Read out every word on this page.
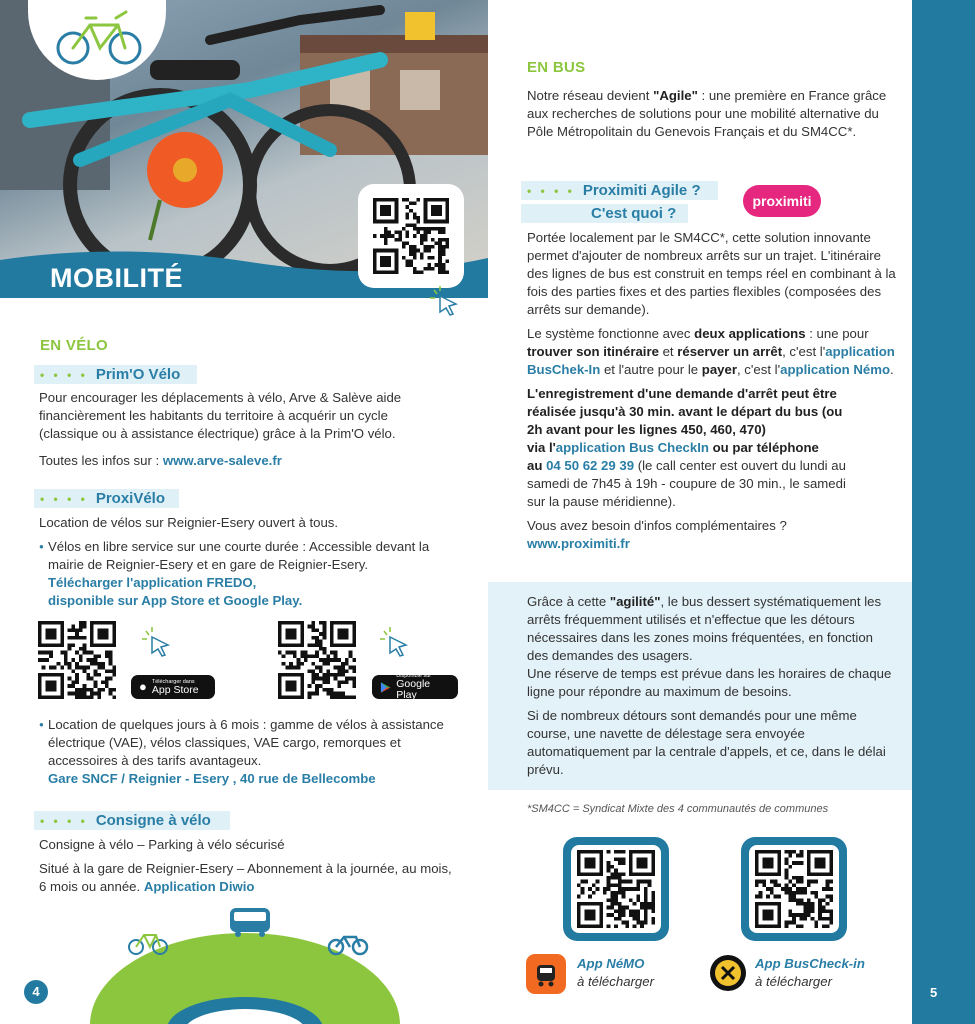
5
MOBILITÉ
EN VÉLO
• • • • Prim'O Vélo

Pour encourager les déplacements à vélo, Arve & Salève aide financièrement les habitants du territoire à acquérir un cycle (classique ou à assistance électrique) grâce à la Prim'O vélo.

Toutes les infos sur : www.arve-saleve.fr

• • • • ProxiVélo

Location de vélos sur Reignier-Esery ouvert à tous.

● Vélos en libre service sur une courte durée : Accessible devant la mairie de Reignier-Esery et en gare de Reignier-Esery.
Télécharger l'application FREDO,
disponible sur App Store et Google Play.
● Télécharger dans
App Store
Disponible sur
Google Play
● Location de quelques jours à 6 mois : gamme de vélos à assistance électrique (VAE), vélos classiques, VAE cargo, remorques et accessoires à des tarifs avantageux.
Gare SNCF / Reignier - Esery , 40 rue de Bellecombe
• • • • Consigne à vélo

Consigne à vélo – Parking à vélo sécurisé

Situé à la gare de Reignier-Esery – Abonnement à la journée, au mois, 6 mois ou année. Application Diwio

4
EN BUS
Notre réseau devient "Agile" : une première en France grâce aux recherches de solutions pour une mobilité alternative du Pôle Métropolitain du Genevois Français et du SM4CC*.
• • • • Proximiti Agile ?
C'est quoi ?
proximiti

Portée localement par le SM4CC*, cette solution innovante permet d'ajouter de nombreux arrêts sur un trajet. L'itinéraire des lignes de bus est construit en temps réel en combinant à la fois des parties fixes et des parties flexibles (composées des arrêts sur demande).

Le système fonctionne avec deux applications : une pour trouver son itinéraire et réserver un arrêt, c'est l'application BusChek-In et l'autre pour le payer, c'est l'application Némo.

L'enregistrement d'une demande d'arrêt peut être réalisée jusqu'à 30 min. avant le départ du bus (ou 2h avant pour les lignes 450, 460, 470)
via l'application Bus CheckIn ou par téléphone
au 04 50 62 29 39 (le call center est ouvert du lundi au samedi de 7h45 à 19h - coupure de 30 min., le samedi sur la pause méridienne).

Vous avez besoin d'infos complémentaires ?
www.proximiti.fr

Grâce à cette "agilité", le bus dessert systématiquement les arrêts fréquemment utilisés et n'effectue que les détours nécessaires dans les zones moins fréquentées, en fonction des demandes des usagers.

Une réserve de temps est prévue dans les horaires de chaque ligne pour répondre au maximum de besoins.

Si de nombreux détours sont demandés pour une même course, une navette de délestage sera envoyée automatiquement par la centrale d'appels, et ce, dans le délai prévu.

*SM4CC = Syndicat Mixte des 4 communautés de communes
App NéMO
à télécharger
App BusCheck-in
à télécharger
